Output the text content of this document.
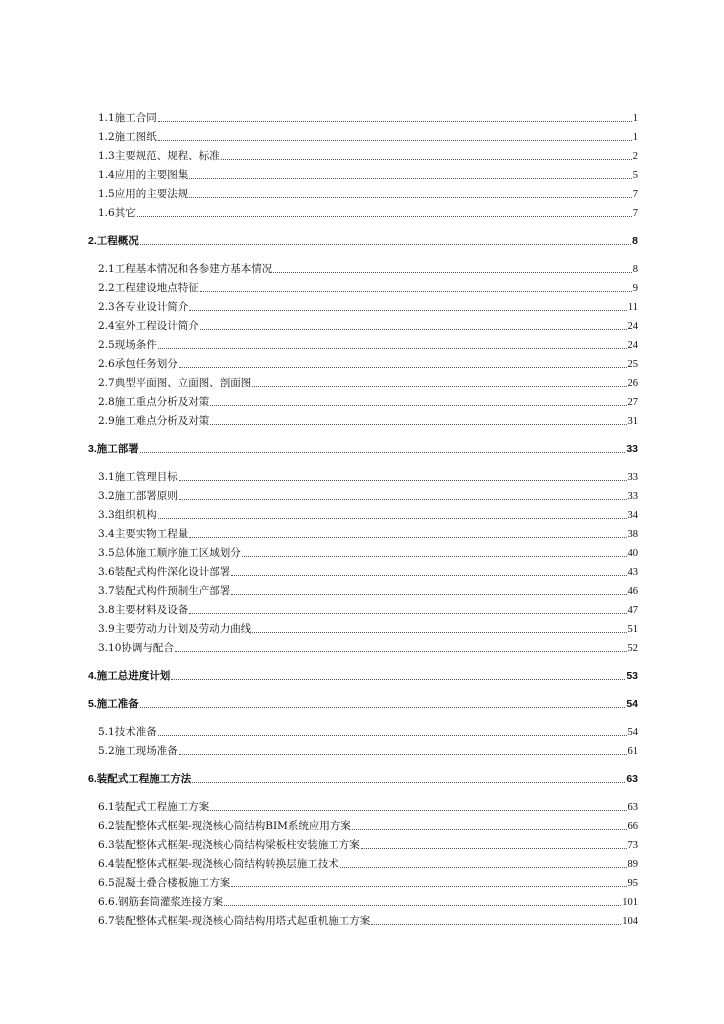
1.1施工合同	1
1.2施工图纸	1
1.3主要规范、规程、标准	2
1.4应用的主要图集	5
1.5应用的主要法规	7
1.6其它	7
2.工程概况	8
2.1工程基本情况和各参建方基本情况	8
2.2工程建设地点特征	9
2.3各专业设计简介	11
2.4室外工程设计简介	24
2.5现场条件	24
2.6承包任务划分	25
2.7典型平面图、立面图、剖面图	26
2.8施工重点分析及对策	27
2.9施工难点分析及对策	31
3.施工部署	33
3.1施工管理目标	33
3.2施工部署原则	33
3.3组织机构	34
3.4主要实物工程量	38
3.5总体施工顺序施工区域划分	40
3.6装配式构件深化设计部署	43
3.7装配式构件预制生产部署	46
3.8主要材料及设备	47
3.9主要劳动力计划及劳动力曲线	51
3.10协调与配合	52
4.施工总进度计划	53
5.施工准备	54
5.1技术准备	54
5.2施工现场准备	61
6.装配式工程施工方法	63
6.1装配式工程施工方案	63
6.2装配整体式框架-现浇核心筒结构BIM系统应用方案	66
6.3装配整体式框架-现浇核心筒结构梁板柱安装施工方案	73
6.4装配整体式框架-现浇核心筒结构转换层施工技术	89
6.5混凝土叠合楼板施工方案	95
6.6.钢筋套筒灌浆连接方案	101
6.7装配整体式框架-现浇核心筒结构用塔式起重机施工方案	104
